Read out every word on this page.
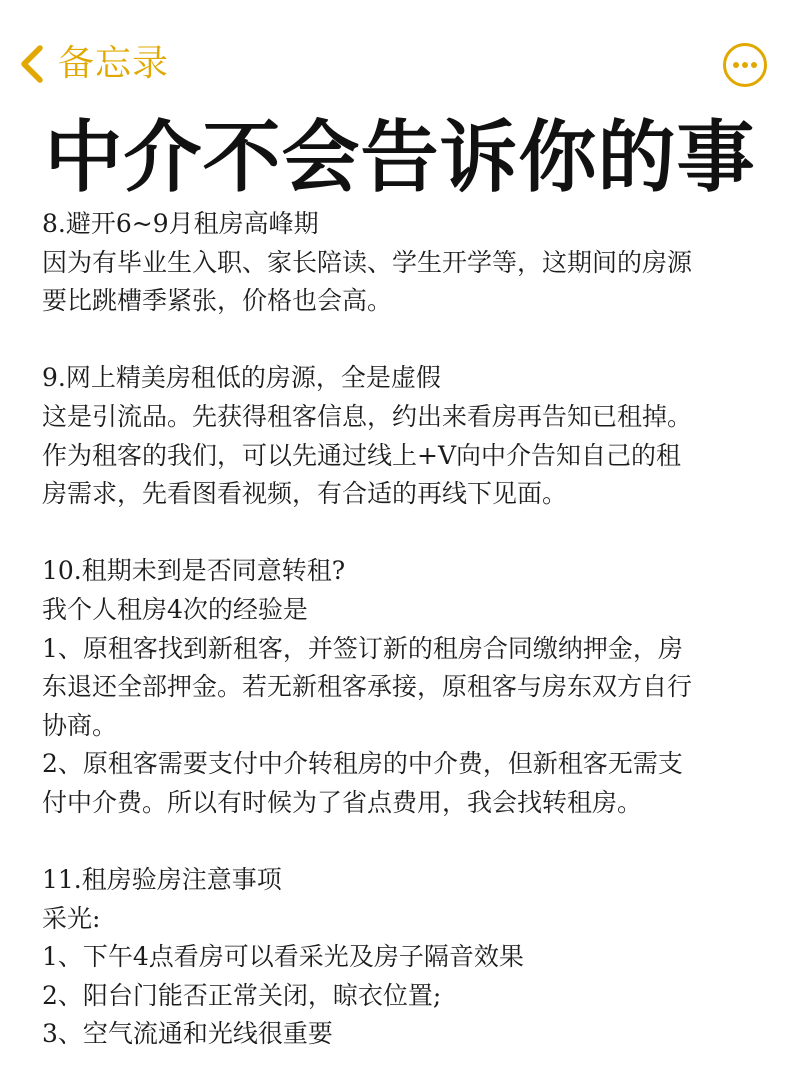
备忘录
中介不会告诉你的事
8.避开6~9月租房高峰期
因为有毕业生入职、家长陪读、学生开学等，这期间的房源
要比跳槽季紧张，价格也会高。
9.网上精美房租低的房源，全是虚假
这是引流品。先获得租客信息，约出来看房再告知已租掉。
作为租客的我们，可以先通过线上+V向中介告知自己的租
房需求，先看图看视频，有合适的再线下见面。
10.租期未到是否同意转租?
我个人租房4次的经验是
1、原租客找到新租客，并签订新的租房合同缴纳押金，房
东退还全部押金。若无新租客承接，原租客与房东双方自行
协商。
2、原租客需要支付中介转租房的中介费，但新租客无需支
付中介费。所以有时候为了省点费用，我会找转租房。
11.租房验房注意事项
采光:
1、下午4点看房可以看采光及房子隔音效果
2、阳台门能否正常关闭，晾衣位置;
3、空气流通和光线很重要
